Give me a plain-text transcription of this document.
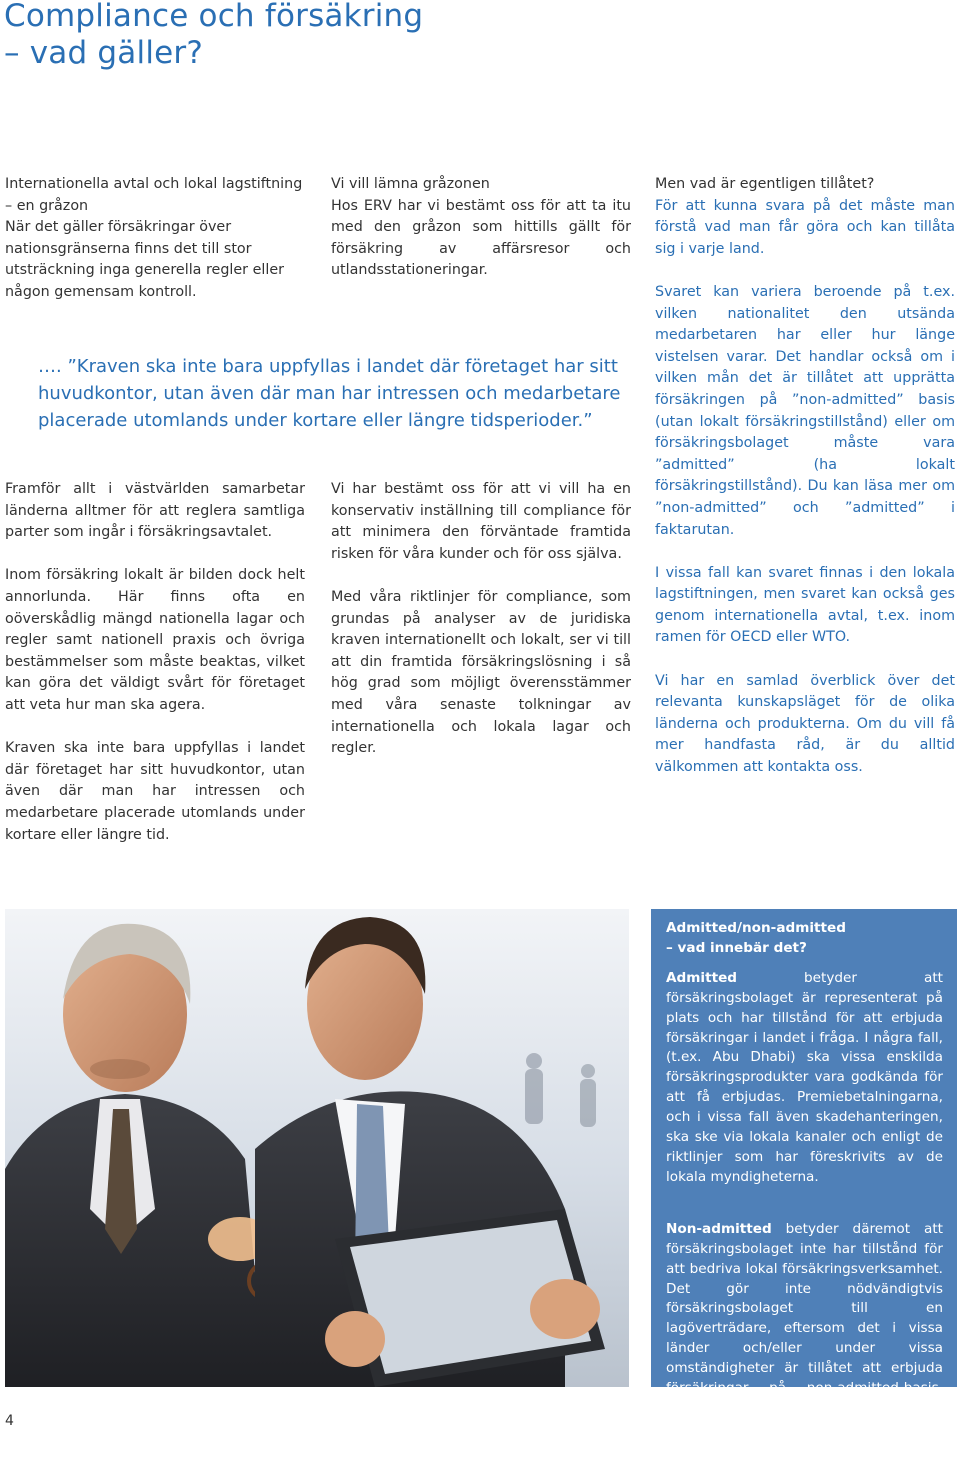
Compliance och försäkring
– vad gäller?

Internationella avtal och lokal lagstiftning
– en gråzon
När det gäller försäkringar över nationsgränserna finns det till stor utsträckning inga generella regler eller någon gemensam kontroll.

Vi vill lämna gråzonen
Hos ERV har vi bestämt oss för att ta itu med den gråzon som hittills gällt för försäkring av affärsresor och utlandsstationeringar.

Men vad är egentligen tillåtet?
För att kunna svara på det måste man förstå vad man får göra och kan tillåta sig i varje land.

Svaret kan variera beroende på t.ex. vilken nationalitet den utsända medarbetaren har eller hur länge vistelsen varar. Det handlar också om i vilken mån det är tillåtet att upprätta försäkringen på ”non-admitted” basis (utan lokalt försäkringstillstånd) eller om försäkringsbolaget måste vara ”admitted” (ha lokalt försäkringstillstånd). Du kan läsa mer om ”non-admitted” och ”admitted” i faktarutan.

I vissa fall kan svaret finnas i den lokala lagstiftningen, men svaret kan också ges genom internationella avtal, t.ex. inom ramen för OECD eller WTO.

Vi har en samlad överblick över det relevanta kunskapsläget för de olika länderna och produkterna. Om du vill få mer handfasta råd, är du alltid välkommen att kontakta oss.

…. ”Kraven ska inte bara uppfyllas i landet där företaget har sitt huvudkontor, utan även där man har intressen och medarbetare placerade utomlands under kortare eller längre tidsperioder.”

Framför allt i västvärlden samarbetar länderna alltmer för att reglera samtliga parter som ingår i försäkringsavtalet.

Inom försäkring lokalt är bilden dock helt annorlunda. Här finns ofta en oöverskådlig mängd nationella lagar och regler samt nationell praxis och övriga bestämmelser som måste beaktas, vilket kan göra det väldigt svårt för företaget att veta hur man ska agera.

Kraven ska inte bara uppfyllas i landet där företaget har sitt huvudkontor, utan även där man har intressen och medarbetare placerade utomlands under kortare eller längre tid.

Vi har bestämt oss för att vi vill ha en konservativ inställning till compliance för att minimera den förväntade framtida risken för våra kunder och för oss själva.

Med våra riktlinjer för compliance, som grundas på analyser av de juridiska kraven internationellt och lokalt, ser vi till att din framtida försäkringslösning i så hög grad som möjligt överensstämmer med våra senaste tolkningar av internationella och lokala lagar och regler.

Admitted/non-admitted
– vad innebär det?

Admitted betyder att försäkringsbolaget är representerat på plats och har tillstånd för att erbjuda försäkringar i landet i fråga. I några fall, (t.ex. Abu Dhabi) ska vissa enskilda försäkringsprodukter vara godkända för att få erbjudas. Premiebetalningarna, och i vissa fall även skadehanteringen, ska ske via lokala kanaler och enligt de riktlinjer som har föreskrivits av de lokala myndigheterna.

Non-admitted betyder däremot att försäkringsbolaget inte har tillstånd för att bedriva lokal försäkringsverksamhet. Det gör inte nödvändigtvis försäkringsbolaget till en lagöverträdare, eftersom det i vissa länder och/eller under vissa omständigheter är tillåtet att erbjuda försäkringar på non-admitted-basis. Men det finns också länder där det är olagligt att erbjuda försäkringar utan tillstånd.

4
